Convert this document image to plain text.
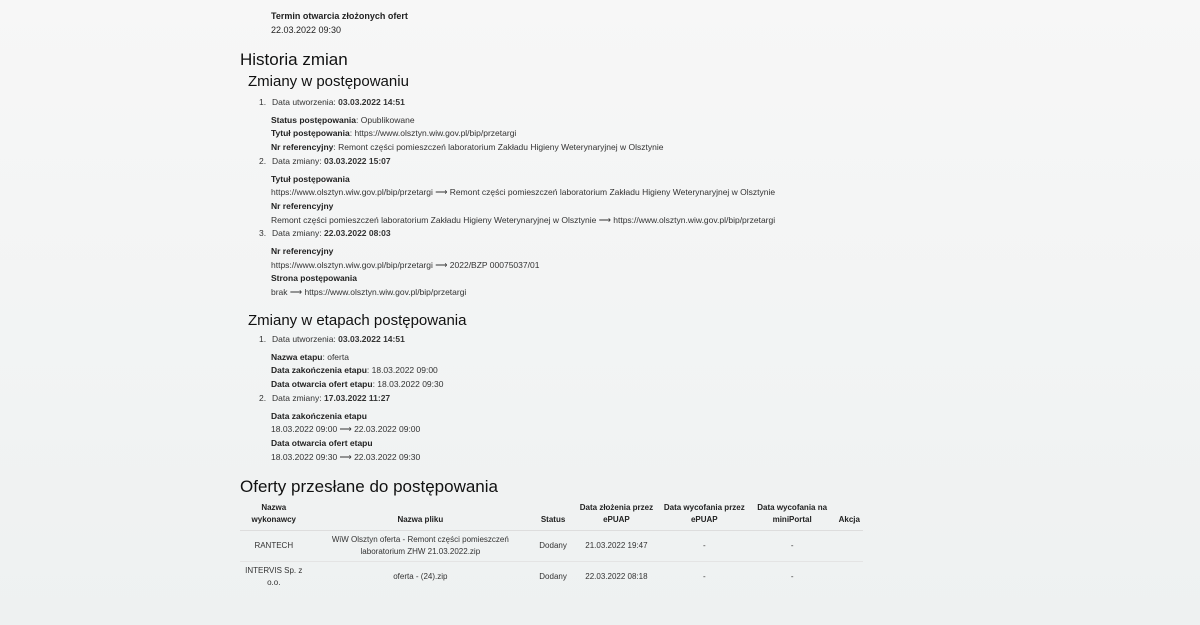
Termin otwarcia złożonych ofert
22.03.2022 09:30
Historia zmian
Zmiany w postępowaniu
1. Data utworzenia: 03.03.2022 14:51
Status postępowania: Opublikowane
Tytuł postępowania: https://www.olsztyn.wiw.gov.pl/bip/przetargi
Nr referencyjny: Remont części pomieszczeń laboratorium Zakładu Higieny Weterynaryjnej w Olsztynie
2. Data zmiany: 03.03.2022 15:07
Tytuł postępowania
https://www.olsztyn.wiw.gov.pl/bip/przetargi ⟶ Remont części pomieszczeń laboratorium Zakładu Higieny Weterynaryjnej w Olsztynie
Nr referencyjny
Remont części pomieszczeń laboratorium Zakładu Higieny Weterynaryjnej w Olsztynie ⟶ https://www.olsztyn.wiw.gov.pl/bip/przetargi
3. Data zmiany: 22.03.2022 08:03
Nr referencyjny
https://www.olsztyn.wiw.gov.pl/bip/przetargi ⟶ 2022/BZP 00075037/01
Strona postępowania
brak ⟶ https://www.olsztyn.wiw.gov.pl/bip/przetargi
Zmiany w etapach postępowania
1. Data utworzenia: 03.03.2022 14:51
Nazwa etapu: oferta
Data zakończenia etapu: 18.03.2022 09:00
Data otwarcia ofert etapu: 18.03.2022 09:30
2. Data zmiany: 17.03.2022 11:27
Data zakończenia etapu
18.03.2022 09:00 ⟶ 22.03.2022 09:00
Data otwarcia ofert etapu
18.03.2022 09:30 ⟶ 22.03.2022 09:30
Oferty przesłane do postępowania
Nazwa wykonawcy	Nazwa pliku	Status	Data złożenia przez ePUAP	Data wycofania przez ePUAP	Data wycofania na miniPortal	Akcja
RANTECH	WiW Olsztyn oferta - Remont części pomieszczeń laboratorium ZHW 21.03.2022.zip	Dodany	21.03.2022 19:47	-	-	
INTERVIS Sp. z o.o.	oferta - (24).zip	Dodany	22.03.2022 08:18	-	-	
